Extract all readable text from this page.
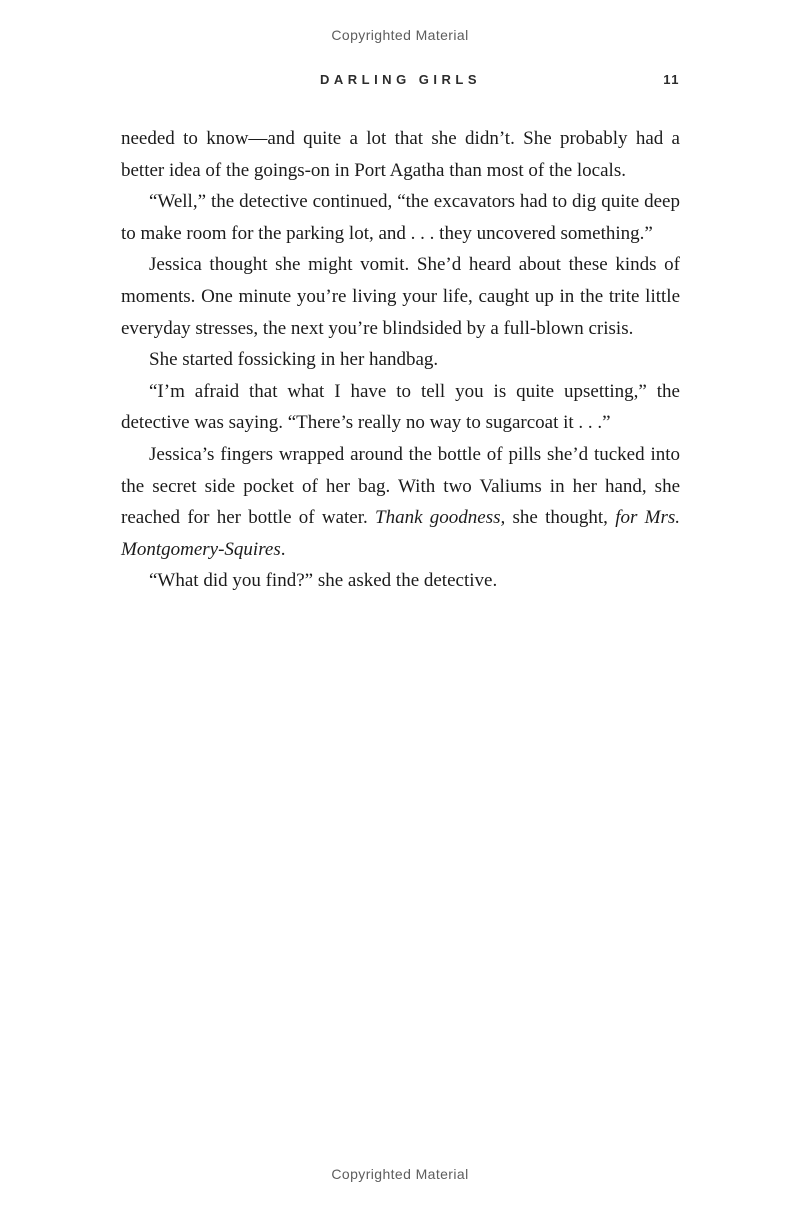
Copyrighted Material
DARLING GIRLS	11

needed to know—and quite a lot that she didn’t. She probably had a better idea of the goings-on in Port Agatha than most of the locals.

“Well,” the detective continued, “the excavators had to dig quite deep to make room for the parking lot, and . . . they uncovered something.”

Jessica thought she might vomit. She’d heard about these kinds of moments. One minute you’re living your life, caught up in the trite little everyday stresses, the next you’re blindsided by a full-blown crisis.

She started fossicking in her handbag.

“I’m afraid that what I have to tell you is quite upsetting,” the detective was saying. “There’s really no way to sugarcoat it . . .”

Jessica’s fingers wrapped around the bottle of pills she’d tucked into the secret side pocket of her bag. With two Valiums in her hand, she reached for her bottle of water. Thank goodness, she thought, for Mrs. Montgomery-Squires.

“What did you find?” she asked the detective.

Copyrighted Material
